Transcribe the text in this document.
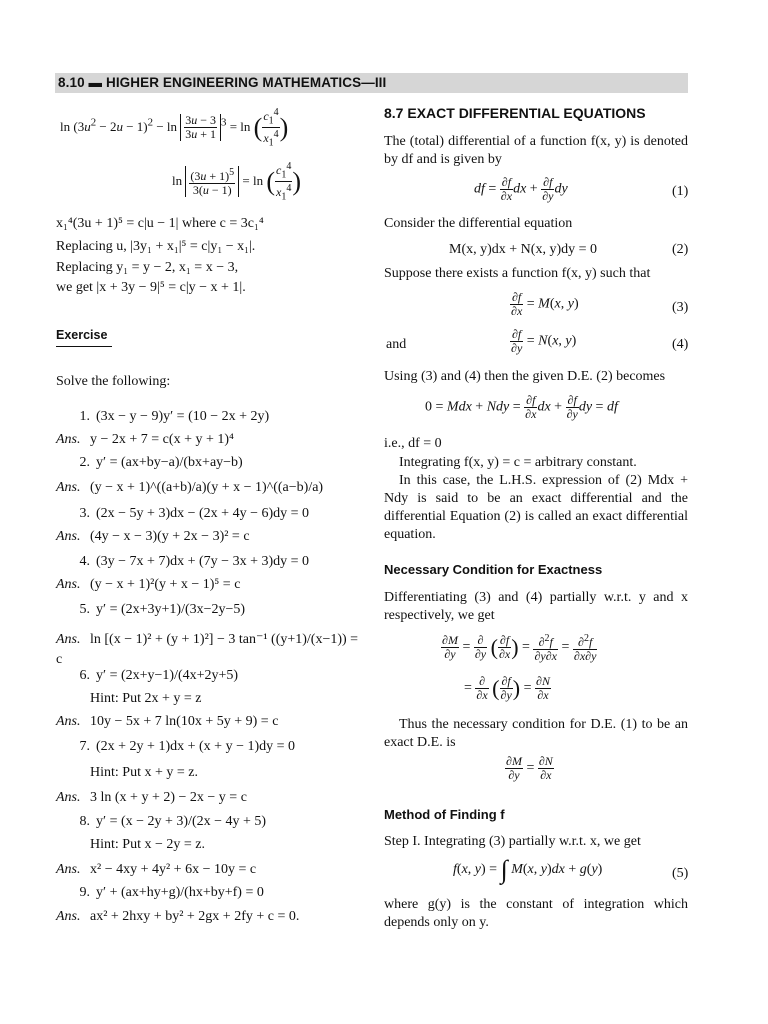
8.10 ▬ HIGHER ENGINEERING MATHEMATICS—III
$\ln (3u^2 - 2u - 1)^2 - \ln \frac{3u - 3}{3u + 1} ^3 = \ln$ ( $\frac{c_1^4}{x_1^4}$ )
$\ln \frac{(3u + 1)^5}{3(u - 1)} = \ln$ ( $\frac{c_1^4}{x_1^4}$ )
x₁⁴(3u + 1)⁵ = c|u − 1| where c = 3c₁⁴
Replacing u, |3y₁ + x₁|⁵ = c|y₁ − x₁|.
Replacing y₁ = y − 2, x₁ = x − 3,
we get |x + 3y − 9|⁵ = c|y − x + 1|.
Exercise
Solve the following:
1. (3x − y − 9)y′ = (10 − 2x + 2y)
Ans. y − 2x + 7 = c(x + y + 1)⁴
2. y′ = (ax+by−a)/(bx+ay−b)
Ans. (y − x + 1)^((a+b)/a)(y + x − 1)^((a−b)/a)
3. (2x − 5y + 3)dx − (2x + 4y − 6)dy = 0
Ans. (4y − x − 3)(y + 2x − 3)² = c
4. (3y − 7x + 7)dx + (7y − 3x + 3)dy = 0
Ans. (y − x + 1)²(y + x − 1)⁵ = c
5. y′ = (2x+3y+1)/(3x−2y−5)
Ans. ln [(x − 1)² + (y + 1)²] − 3 tan⁻¹ ((y+1)/(x−1)) =
c
6. y′ = (2x+y−1)/(4x+2y+5)
Hint: Put 2x + y = z
Ans. 10y − 5x + 7 ln(10x + 5y + 9) = c
7. (2x + 2y + 1)dx + (x + y − 1)dy = 0
Hint: Put x + y = z.
Ans. 3 ln (x + y + 2) − 2x − y = c
8. y′ = (x − 2y + 3)/(2x − 4y + 5)
Hint: Put x − 2y = z.
Ans. x² − 4xy + 4y² + 6x − 10y = c
9. y′ + (ax+hy+g)/(hx+by+f) = 0
Ans. ax² + 2hxy + by² + 2gx + 2fy + c = 0.
8.7 EXACT DIFFERENTIAL EQUATIONS
The (total) differential of a function f(x, y) is denoted by df and is given by
df = $\frac{\partial f}{\partial x}$ dx + $\frac{\partial f}{\partial y}$ dy	(1)
Consider the differential equation
M(x, y)dx + N(x, y)dy = 0	(2)
Suppose there exists a function f(x, y) such that
$\frac{\partial f}{\partial x} = M(x$, y)	(3)
and	$\frac{\partial f}{\partial y} = N(x$, y)	(4)
Using (3) and (4) then the given D.E. (2) becomes
0 = Mdx + Ndy = $\frac{\partial f}{\partial x}$ dx + $\frac{\partial f}{\partial y}$ dy = df
i.e., df = 0
Integrating f(x, y) = c = arbitrary constant.
In this case, the L.H.S. expression of (2) Mdx + Ndy is said to be an exact differential and the differential Equation (2) is called an exact differential equation.
Necessary Condition for Exactness
Differentiating (3) and (4) partially w.r.t. y and x respectively, we get
$\frac{\partial M}{\partial y} = \frac{\partial}{\partial y}$ ( $\frac{\partial f}{\partial x}$ ) = $\frac{\partial^2f}{\partial y\partial x} = \frac{\partial^2f}{\partial x\partial y}$
= $\frac{\partial}{\partial x}$ ( $\frac{\partial f}{\partial y}$ ) = $\frac{\partial N}{\partial x}$
Thus the necessary condition for D.E. (1) to be an exact D.E. is
$\frac{\partial M}{\partial y} = \frac{\partial N}{\partial x}$
Method of Finding f
Step I. Integrating (3) partially w.r.t. x, we get
f(x, y) = ∫ M(x, y)dx + g(y)	(5)
where g(y) is the constant of integration which depends only on y.
